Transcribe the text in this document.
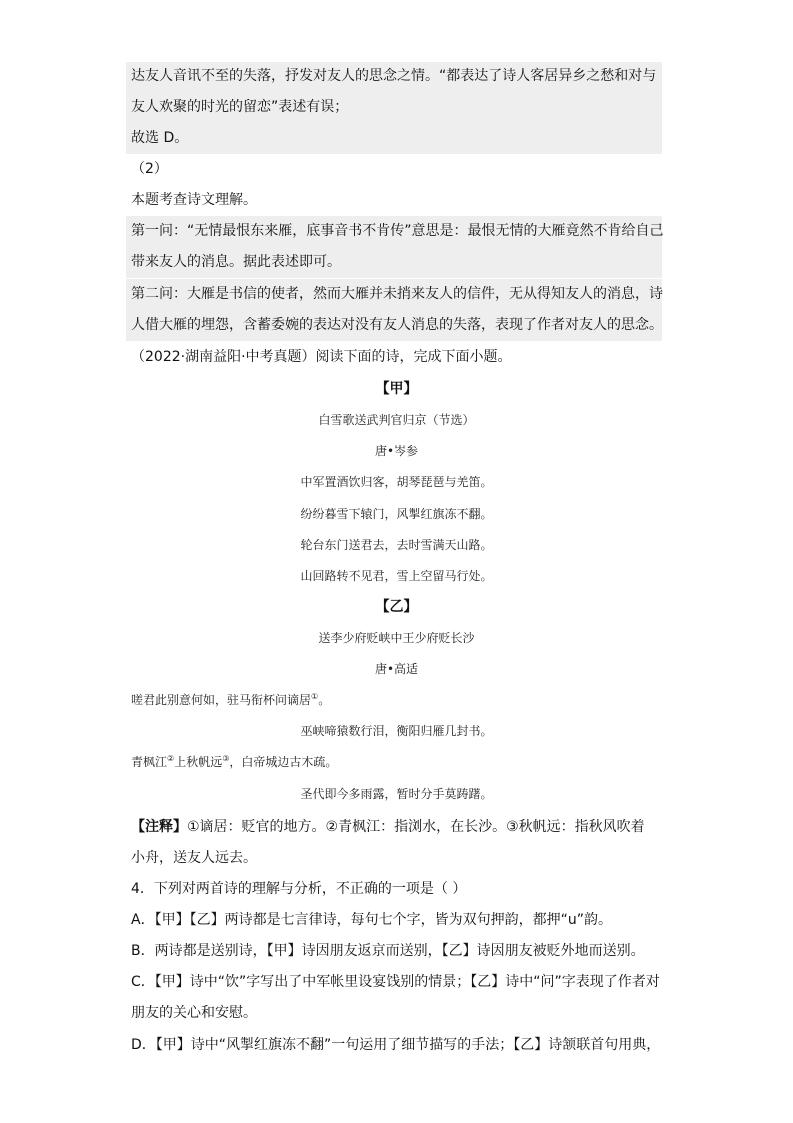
达友人音讯不至的失落，抒发对友人的思念之情。“都表达了诗人客居异乡之愁和对与
友人欢聚的时光的留恋”表述有误；
故选 D。
（2）
本题考查诗文理解。
第一问：“无情最恨东来雁，底事音书不肯传”意思是：最恨无情的大雁竟然不肯给自己
带来友人的消息。据此表述即可。
第二问：大雁是书信的使者，然而大雁并未捎来友人的信件，无从得知友人的消息，诗
人借大雁的埋怨，含蓄委婉的表达对没有友人消息的失落，表现了作者对友人的思念。
（2022·湖南益阳·中考真题）阅读下面的诗，完成下面小题。
【甲】
白雪歌送武判官归京（节选）
唐•岑参
中军置酒饮归客，胡琴琵琶与羌笛。
纷纷暮雪下辕门，风掣红旗冻不翻。
轮台东门送君去，去时雪满天山路。
山回路转不见君，雪上空留马行处。
【乙】
送李少府贬峡中王少府贬长沙
唐•高适
嗟君此别意何如，驻马衔杯问谪居①。
巫峡啼猿数行泪，衡阳归雁几封书。
青枫江②上秋帆远③，白帝城边古木疏。
圣代即今多雨露，暂时分手莫踌躇。
【注释】①谪居：贬官的地方。②青枫江：指浏水，在长沙。③秋帆远：指秋风吹着
小舟，送友人远去。
4．下列对两首诗的理解与分析，不正确的一项是（ ）
A．【甲】【乙】两诗都是七言律诗，每句七个字，皆为双句押韵，都押“u”韵。
B．两诗都是送别诗，【甲】诗因朋友返京而送别，【乙】诗因朋友被贬外地而送别。
C．【甲】诗中“饮”字写出了中军帐里设宴饯别的情景；【乙】诗中“问”字表现了作者对
朋友的关心和安慰。
D．【甲】诗中“风掣红旗冻不翻”一句运用了细节描写的手法；【乙】诗颔联首句用典，
